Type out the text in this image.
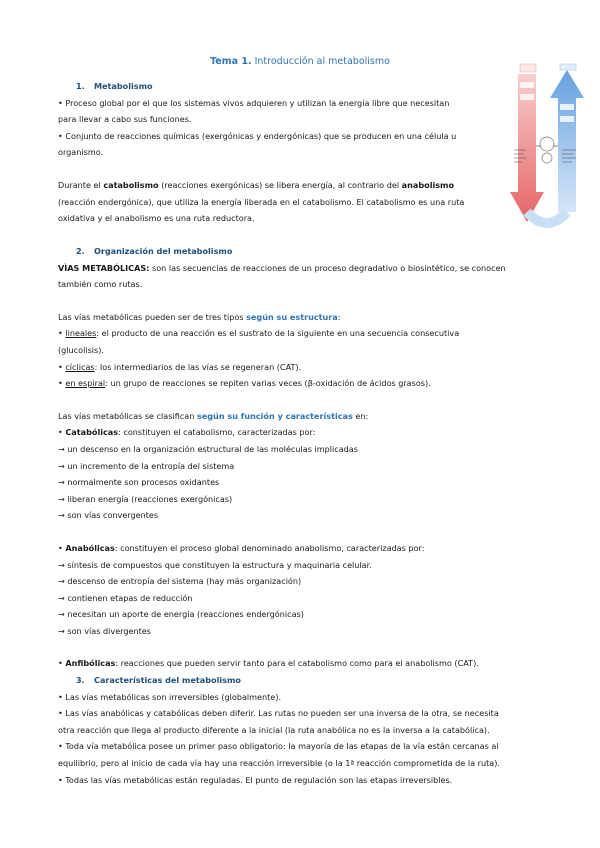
Tema 1. Introducción al metabolismo
1. Metabolismo
• Proceso global por el que los sistemas vivos adquieren y utilizan la energía libre que necesitan
para llevar a cabo sus funciones.
• Conjunto de reacciones químicas (exergónicas y endergónicas) que se producen en una célula u
organismo.
Durante el catabolismo (reacciones exergónicas) se libera energía, al contrario del anabolismo
(reacción endergónica), que utiliza la energía liberada en el catabolismo. El catabolismo es una ruta
oxidativa y el anabolismo es una ruta reductora.
2. Organización del metabolismo
VÌAS METABÓLICAS: son las secuencias de reacciones de un proceso degradativo o biosintético, se conocen
también como rutas.
Las vías metabólicas pueden ser de tres tipos según su estructura:
• lineales: el producto de una reacción es el sustrato de la siguiente en una secuencia consecutiva
(glucolisis).
• cíclicas: los intermediarios de las vías se regeneran (CAT).
• en espiral: un grupo de reacciones se repiten varias veces (β-oxidación de ácidos grasos).
Las vías metabólicas se clasifican según su función y características en:
• Catabólicas: constituyen el catabolismo, caracterizadas por:
→ un descenso en la organización estructural de las moléculas implicadas
→ un incremento de la entropía del sistema
→ normalmente son procesos oxidantes
→ liberan energía (reacciones exergónicas)
→ son vías convergentes
• Anabólicas: constituyen el proceso global denominado anabolismo, caracterizadas por:
→ síntesis de compuestos que constituyen la estructura y maquinaria celular.
→ descenso de entropía del sistema (hay más organización)
→ contienen etapas de reducción
→ necesitan un aporte de energía (reacciones endergónicas)
→ son vías divergentes
• Anfibólicas: reacciones que pueden servir tanto para el catabolismo como para el anabolismo (CAT).
3. Características del metabolismo
• Las vías metabólicas son irreversibles (globalmente).
• Las vías anabólicas y catabólicas deben diferir. Las rutas no pueden ser una inversa de la otra, se necesita
otra reacción que llega al producto diferente a la inicial (la ruta anabólica no es la inversa a la catabólica).
• Toda vía metabólica posee un primer paso obligatorio: la mayoría de las etapas de la vía están cercanas al
equilibrio, pero al inicio de cada vía hay una reacción irreversible (o la 1ª reacción comprometida de la ruta).
• Todas las vías metabólicas están reguladas. El punto de regulación son las etapas irreversibles.
